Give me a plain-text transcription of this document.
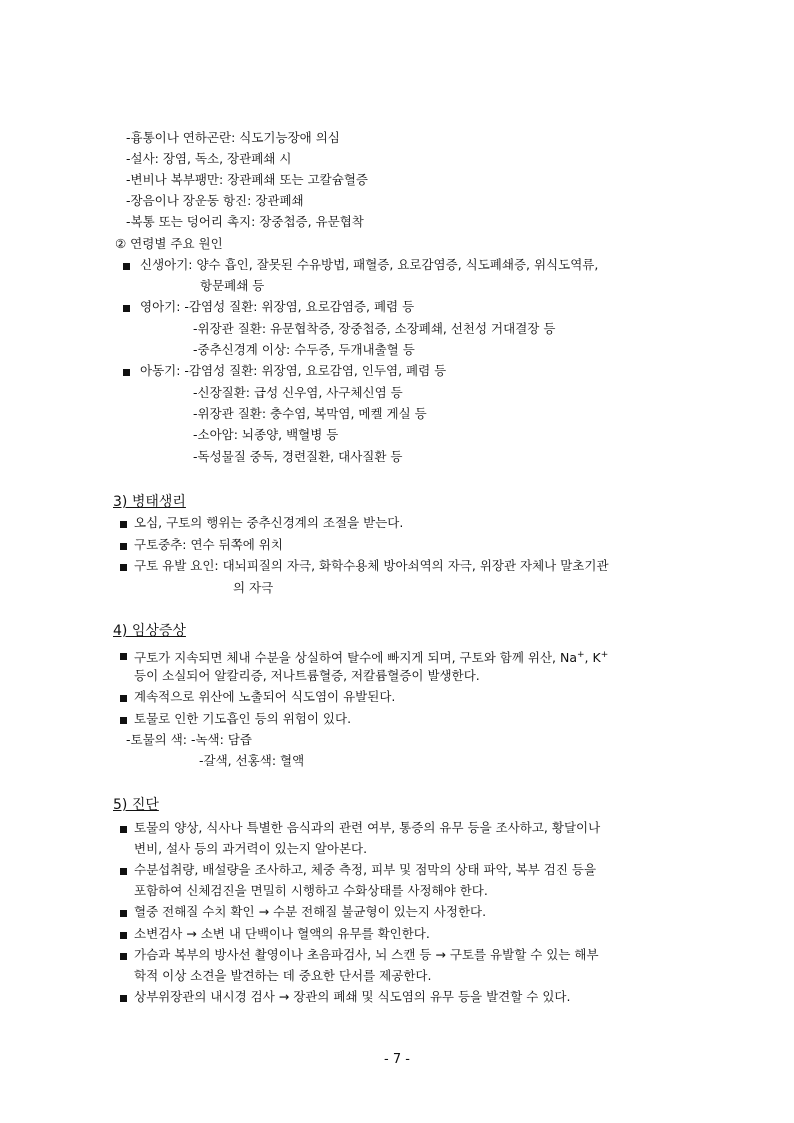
-흉통이나 연하곤란: 식도기능장애 의심
-설사: 장염, 독소, 장관폐쇄 시
-변비나 복부팽만: 장관폐쇄 또는 고칼슘혈증
-장음이나 장운동 항진: 장관폐쇄
-복통 또는 덩어리 촉지: 장중첩증, 유문협착
② 연령별 주요 원인
신생아기: 양수 흡인, 잘못된 수유방법, 패혈증, 요로감염증, 식도폐쇄증, 위식도역류,
항문폐쇄 등
영아기: -감염성 질환: 위장염, 요로감염증, 폐렴 등
-위장관 질환: 유문협착증, 장중첩증, 소장폐쇄, 선천성 거대결장 등
-중추신경계 이상: 수두증, 두개내출혈 등
아동기: -감염성 질환: 위장염, 요로감염, 인두염, 폐렴 등
-신장질환: 급성 신우염, 사구체신염 등
-위장관 질환: 충수염, 복막염, 메켈 게실 등
-소아암: 뇌종양, 백혈병 등
-독성물질 중독, 경련질환, 대사질환 등
3) 병태생리
오심, 구토의 행위는 중추신경계의 조절을 받는다.
구토중추: 연수 뒤쪽에 위치
구토 유발 요인: 대뇌피질의 자극, 화학수용체 방아쇠역의 자극, 위장관 자체나 말초기관
의 자극
4) 임상증상
구토가 지속되면 체내 수분을 상실하여 탈수에 빠지게 되며, 구토와 함께 위산, Na+, K+
등이 소실되어 알칼리증, 저나트륨혈증, 저칼륨혈증이 발생한다.
계속적으로 위산에 노출되어 식도염이 유발된다.
토물로 인한 기도흡인 등의 위험이 있다.
-토물의 색: -녹색: 담즙
-갈색, 선홍색: 혈액
5) 진단
토물의 양상, 식사나 특별한 음식과의 관련 여부, 통증의 유무 등을 조사하고, 황달이나
변비, 설사 등의 과거력이 있는지 알아본다.
수분섭취량, 배설량을 조사하고, 체중 측정, 피부 및 점막의 상태 파악, 복부 검진 등을
포함하여 신체검진을 면밀히 시행하고 수화상태를 사정해야 한다.
혈중 전해질 수치 확인 → 수분 전해질 불균형이 있는지 사정한다.
소변검사 → 소변 내 단백이나 혈액의 유무를 확인한다.
가슴과 복부의 방사선 촬영이나 초음파검사, 뇌 스캔 등 → 구토를 유발할 수 있는 해부
학적 이상 소견을 발견하는 데 중요한 단서를 제공한다.
상부위장관의 내시경 검사 → 장관의 폐쇄 및 식도염의 유무 등을 발견할 수 있다.
- 7 -
